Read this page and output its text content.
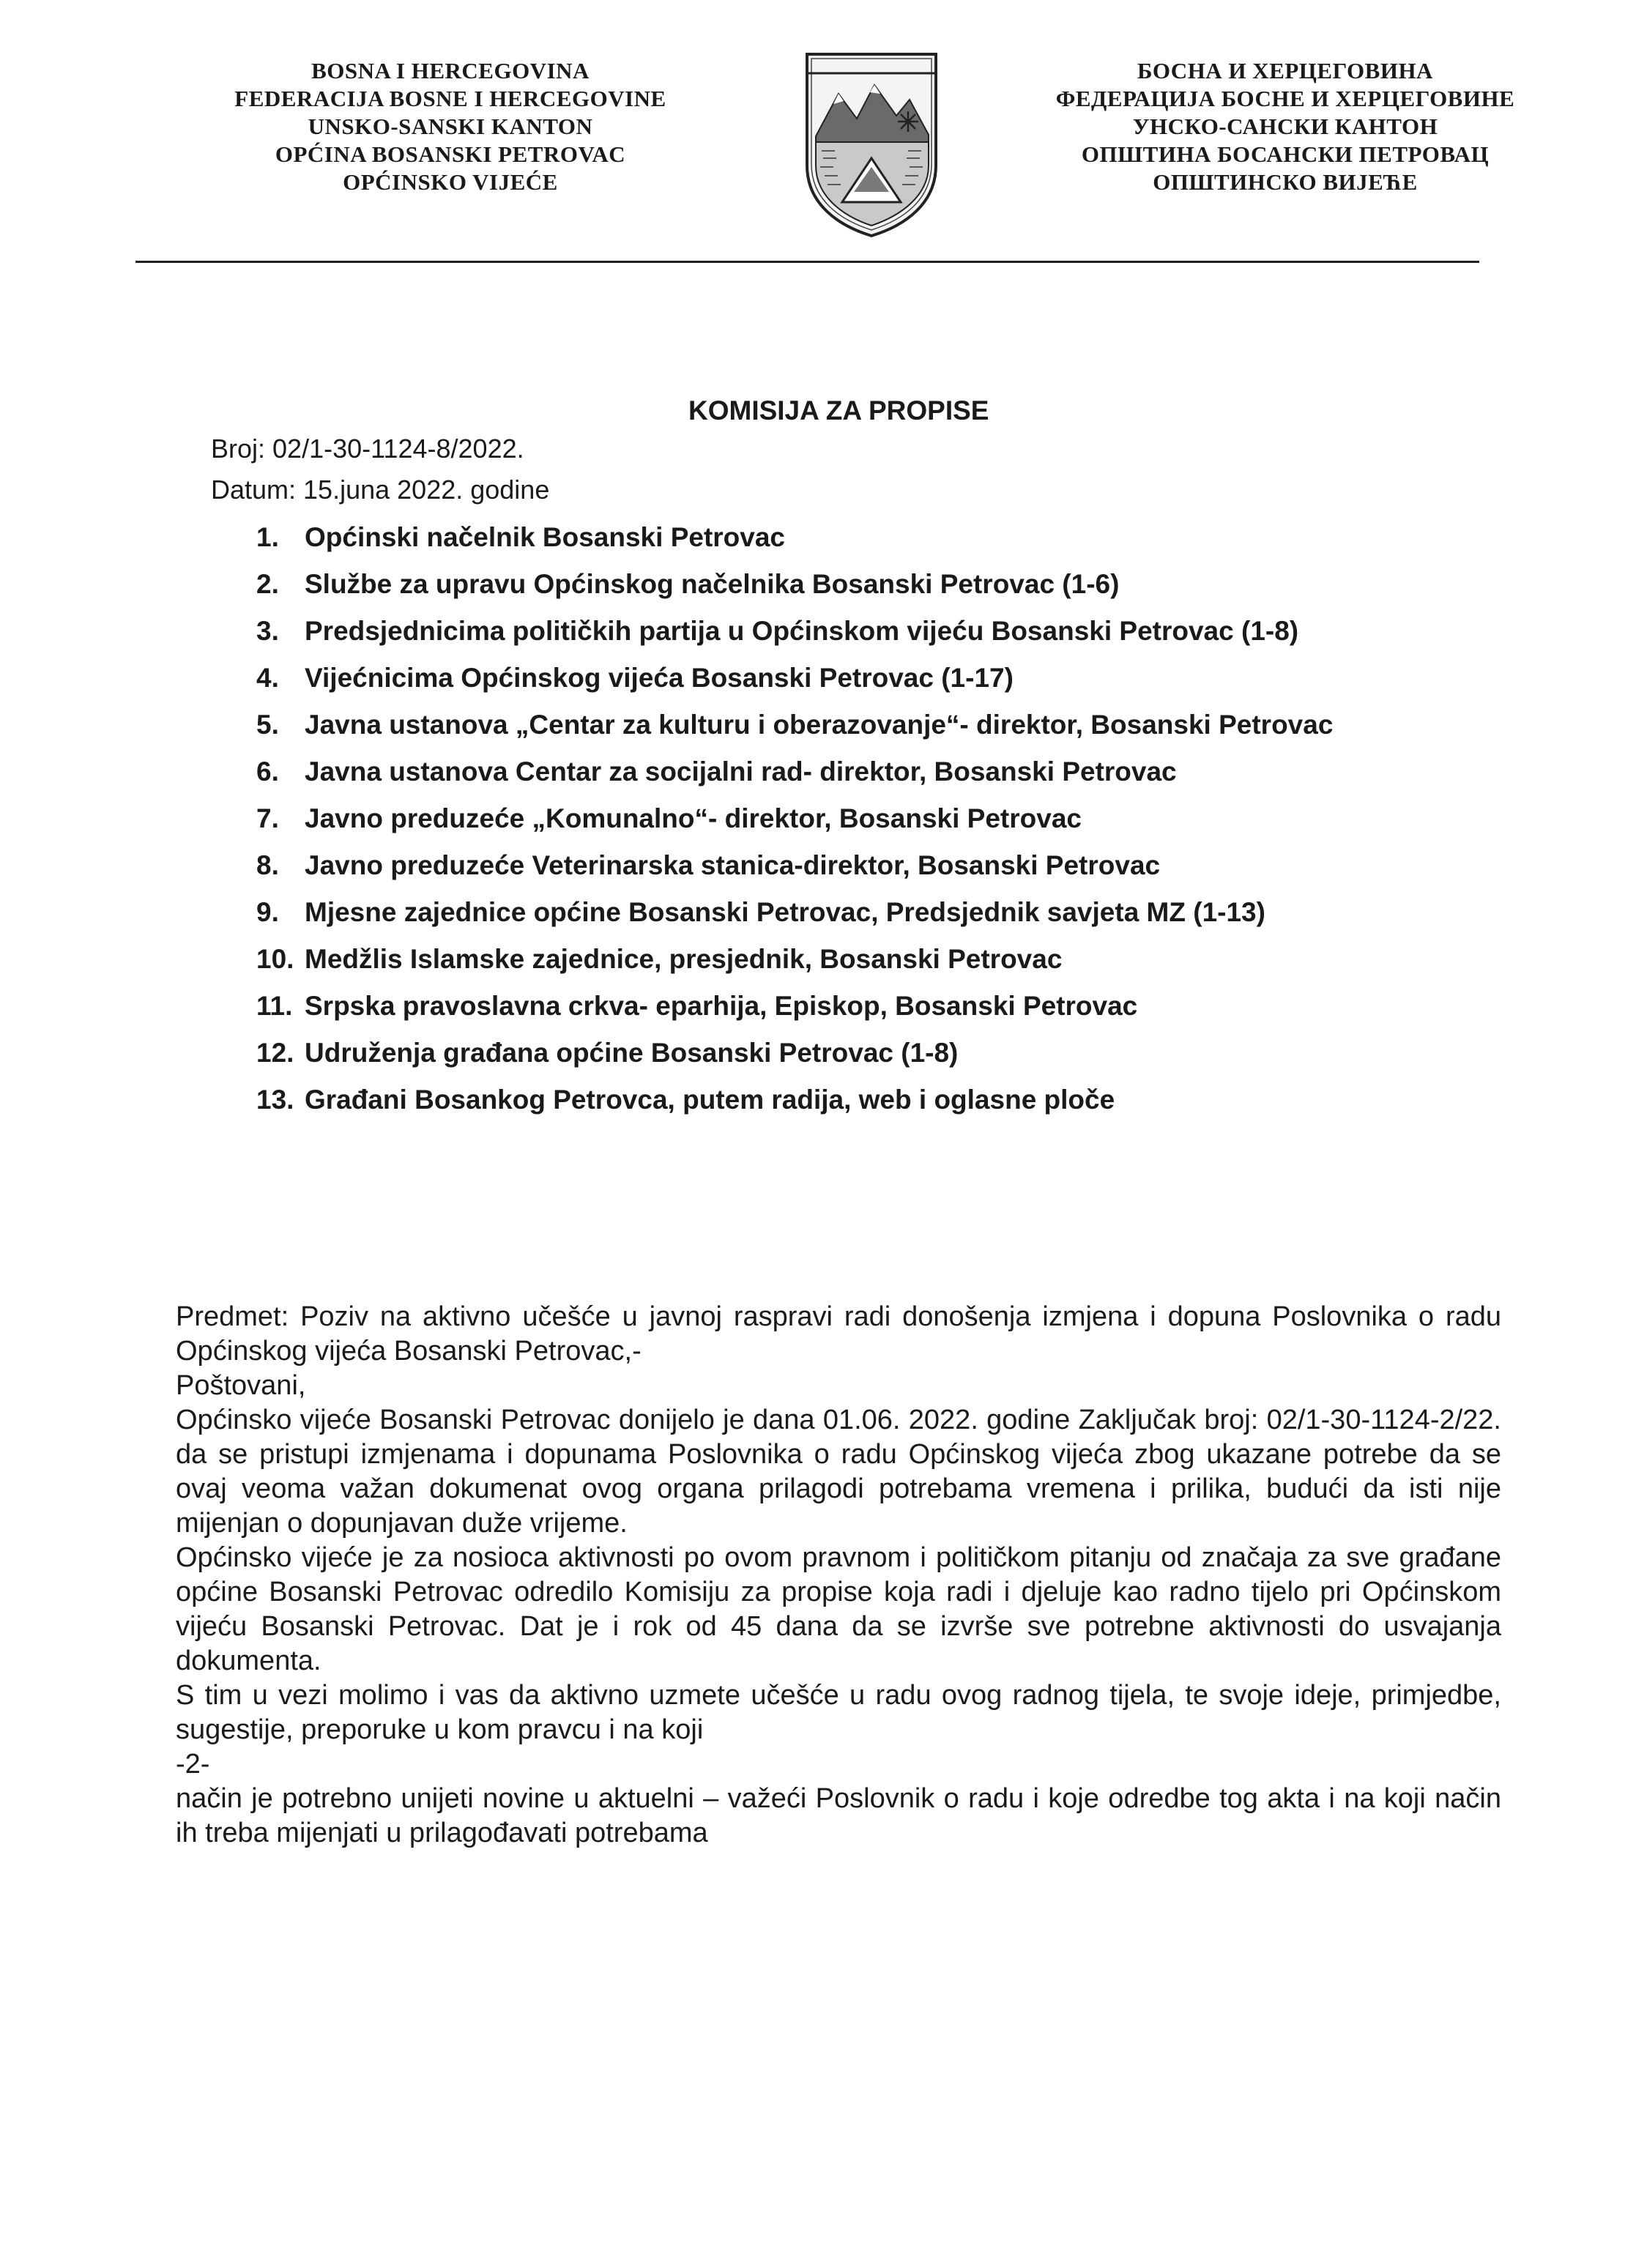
BOSNA I HERCEGOVINA
FEDERACIJA BOSNE I HERCEGOVINE
UNSKO-SANSKI KANTON
OPĆINA BOSANSKI PETROVAC
OPĆINSKO VIJEĆE
БОСНА И ХЕРЦЕГОВИНА
ФЕДЕРАЦИЈА БОСНЕ И ХЕРЦЕГОВИНЕ
УНСКО-САНСКИ КАНТОН
ОПШТИНА БОСАНСКИ ПЕТРОВАЦ
ОПШТИНСКО ВИЈЕЋЕ
KOMISIJA ZA PROPISE
Broj: 02/1-30-1124-8/2022.
Datum: 15.juna 2022. godine
1. Općinski načelnik Bosanski Petrovac
2. Službe za upravu Općinskog načelnika Bosanski Petrovac (1-6)
3. Predsjednicima političkih partija u Općinskom vijeću Bosanski Petrovac (1-8)
4. Vijećnicima Općinskog vijeća Bosanski Petrovac (1-17)
5. Javna ustanova „Centar za kulturu i oberazovanje“- direktor, Bosanski Petrovac
6. Javna ustanova Centar za socijalni rad- direktor, Bosanski Petrovac
7. Javno preduzeće „Komunalno“- direktor, Bosanski Petrovac
8. Javno preduzeće Veterinarska stanica-direktor, Bosanski Petrovac
9. Mjesne zajednice općine Bosanski Petrovac, Predsjednik savjeta MZ (1-13)
10. Medžlis Islamske zajednice, presjednik, Bosanski Petrovac
11. Srpska pravoslavna crkva- eparhija, Episkop, Bosanski Petrovac
12. Udruženja građana općine Bosanski Petrovac (1-8)
13. Građani Bosankog Petrovca, putem radija, web i oglasne ploče

Predmet: Poziv na aktivno učešće u javnoj raspravi radi donošenja izmjena i dopuna Poslovnika o radu Općinskog vijeća Bosanski Petrovac,-

Poštovani,

Općinsko vijeće Bosanski Petrovac donijelo je dana 01.06. 2022. godine Zaključak broj: 02/1-30-1124-2/22. da se pristupi izmjenama i dopunama Poslovnika o radu Općinskog vijeća zbog ukazane potrebe da se ovaj veoma važan dokumenat ovog organa prilagodi potrebama vremena i prilika, budući da isti nije mijenjan o dopunjavan duže vrijeme.

Općinsko vijeće je za nosioca aktivnosti po ovom pravnom i političkom pitanju od značaja za sve građane općine Bosanski Petrovac odredilo Komisiju za propise koja radi i djeluje kao radno tijelo pri Općinskom vijeću Bosanski Petrovac. Dat je i rok od 45 dana da se izvrše sve potrebne aktivnosti do usvajanja dokumenta.

S tim u vezi molimo i vas da aktivno uzmete učešće u radu ovog radnog tijela, te svoje ideje, primjedbe, sugestije, preporuke u kom pravcu i na koji

-2-

način je potrebno unijeti novine u aktuelni – važeći Poslovnik o radu i koje odredbe tog akta i na koji način ih treba mijenjati u prilagođavati potrebama
